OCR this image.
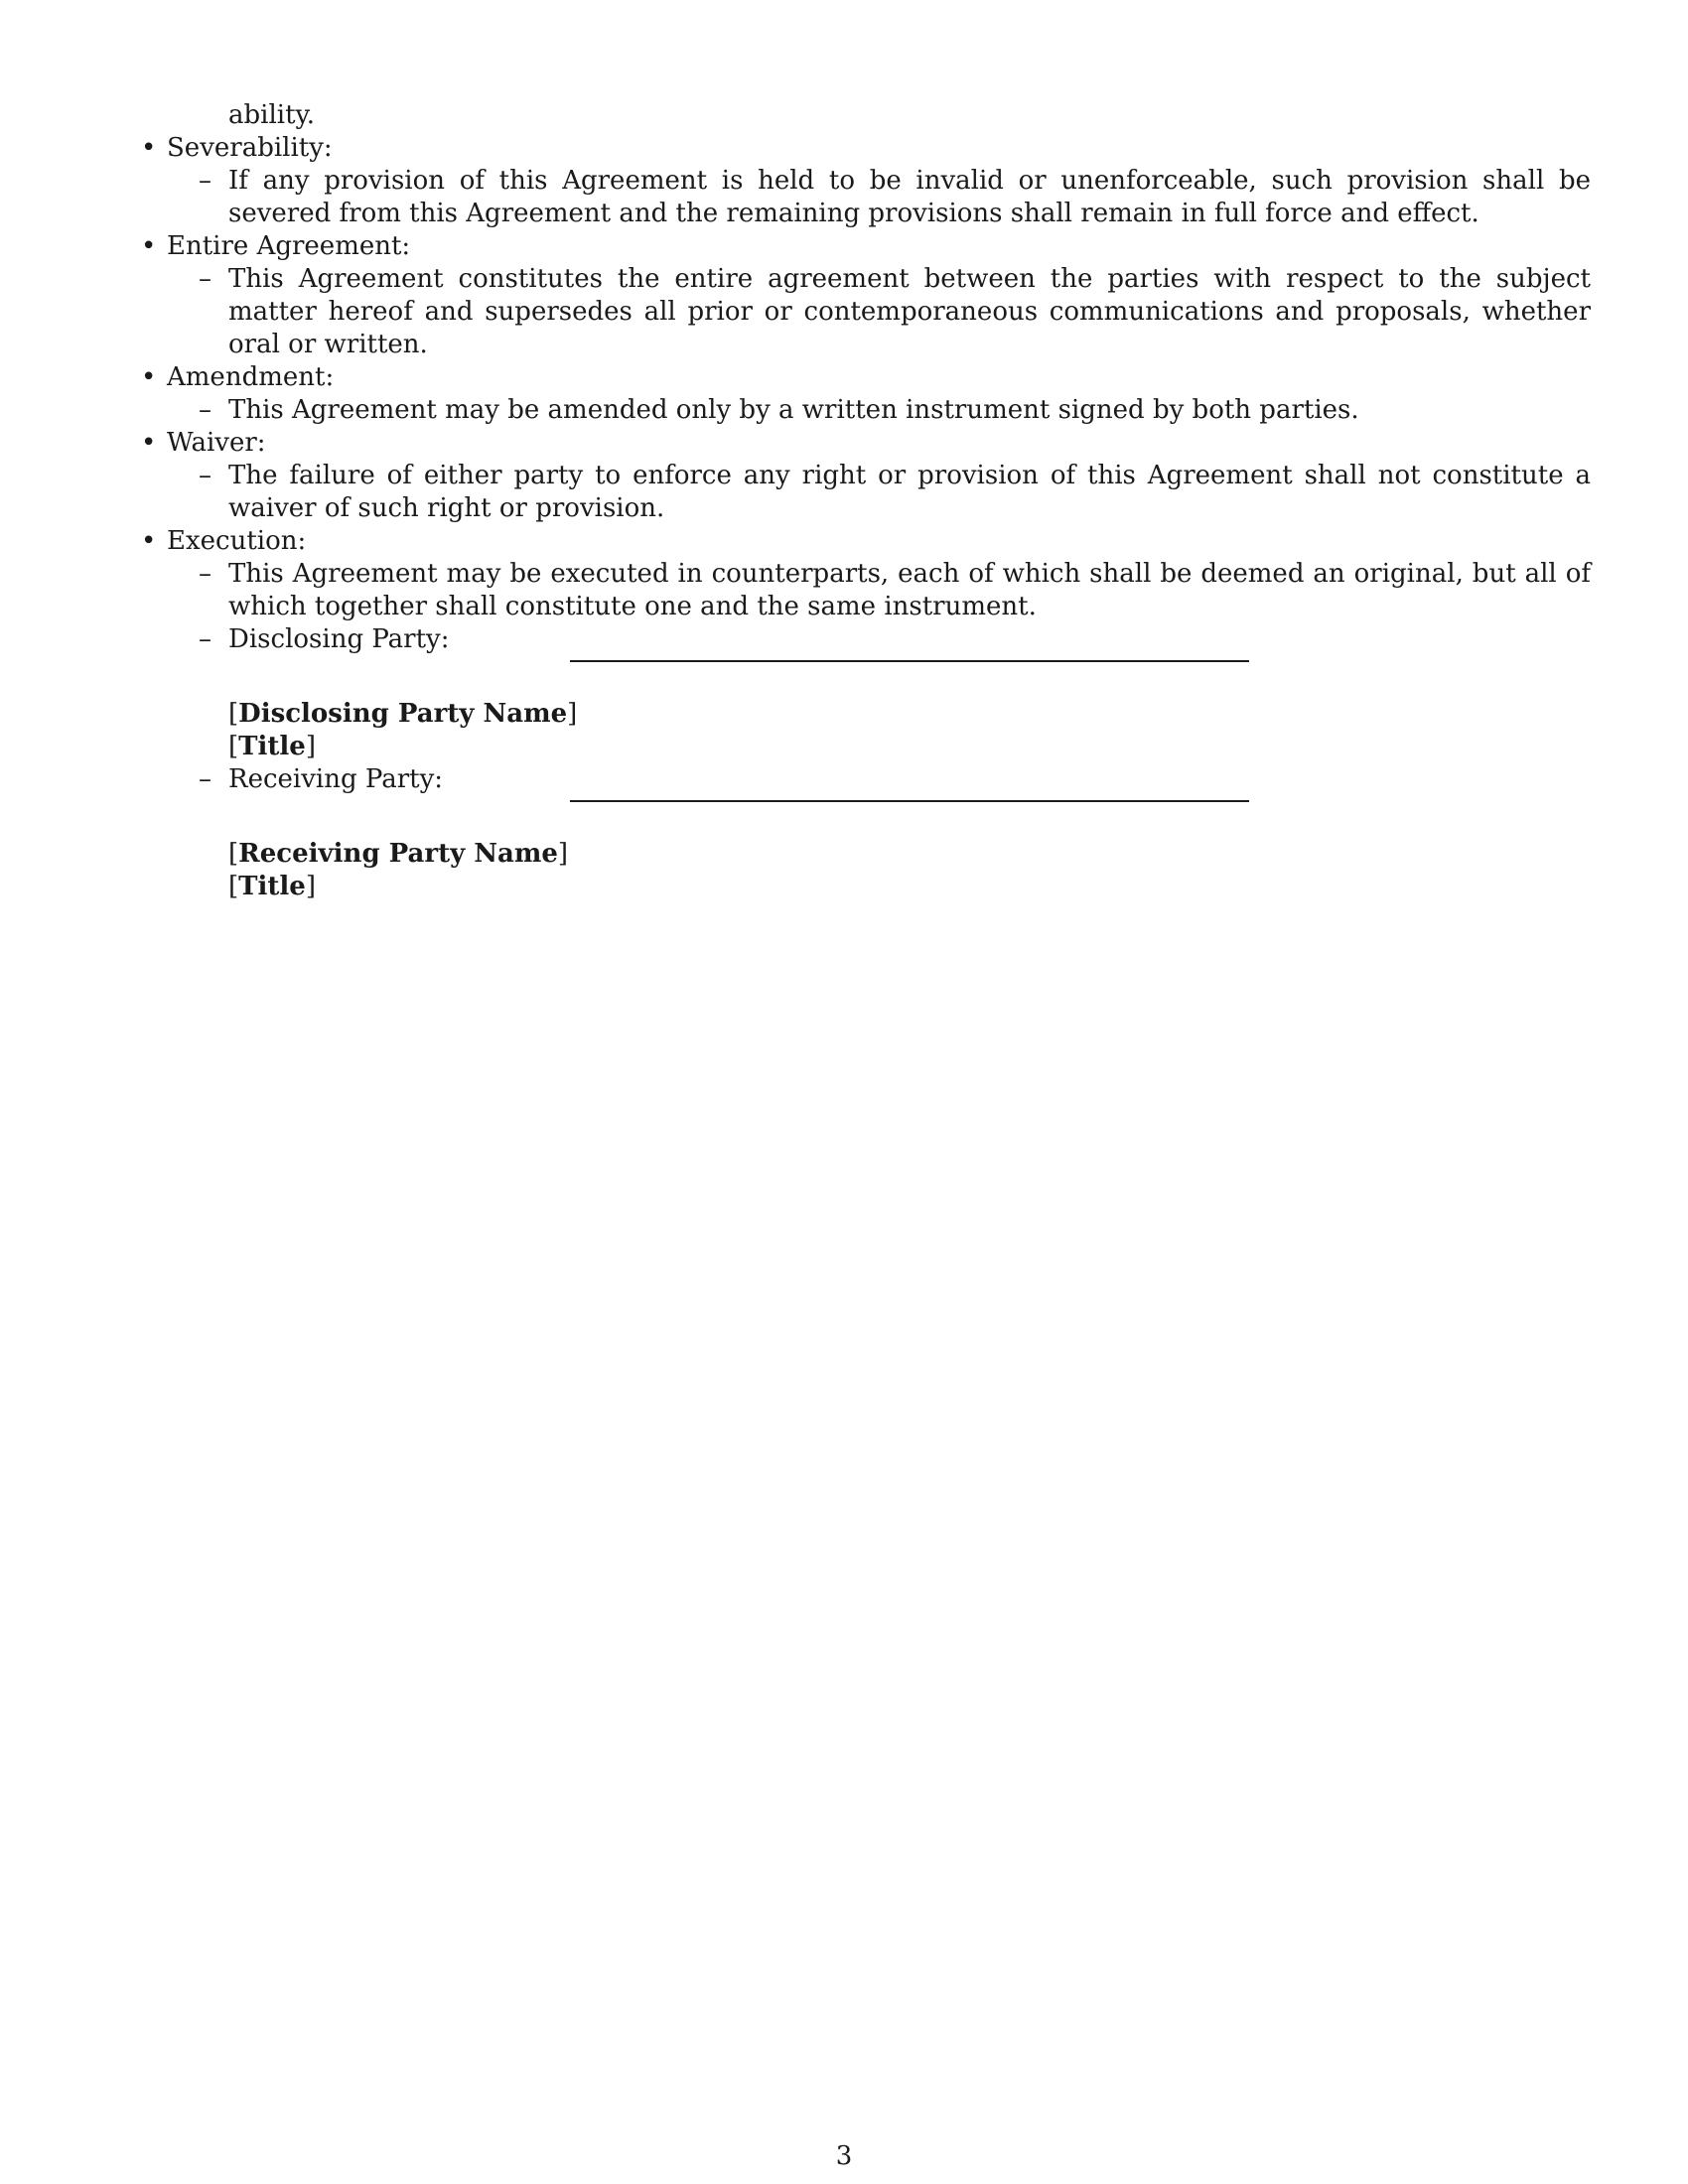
ability.
• Severability:
– If any provision of this Agreement is held to be invalid or unenforceable, such provision shall be severed from this Agreement and the remaining provisions shall remain in full force and effect.
• Entire Agreement:
– This Agreement constitutes the entire agreement between the parties with respect to the subject matter hereof and supersedes all prior or contemporaneous communications and proposals, whether oral or written.
• Amendment:
– This Agreement may be amended only by a written instrument signed by both parties.
• Waiver:
– The failure of either party to enforce any right or provision of this Agreement shall not constitute a waiver of such right or provision.
• Execution:
– This Agreement may be executed in counterparts, each of which shall be deemed an original, but all of which together shall constitute one and the same instrument.
– Disclosing Party:
[Disclosing Party Name]
[Title]
– Receiving Party:
[Receiving Party Name]
[Title]
3
